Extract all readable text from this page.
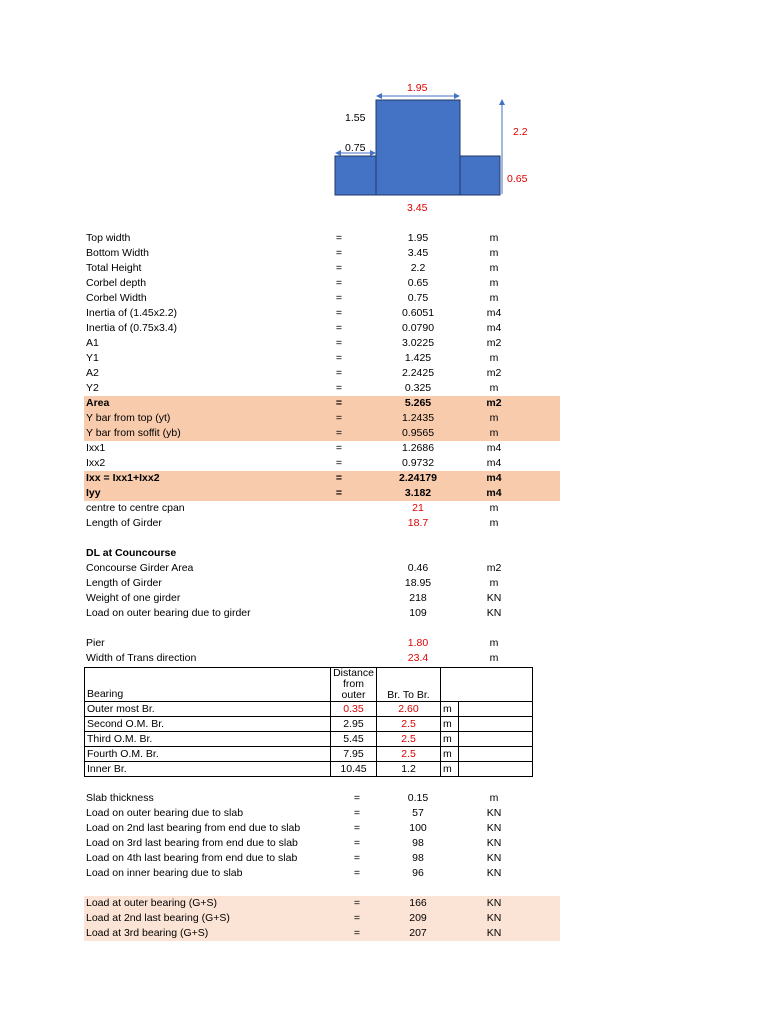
1.95
1.55
0.75
2.2
0.65
3.45
Top width	=	1.95	m
Bottom Width	=	3.45	m
Total Height	=	2.2	m
Corbel depth	=	0.65	m
Corbel Width	=	0.75	m
Inertia of (1.45x2.2)	=	0.6051	m4
Inertia of (0.75x3.4)	=	0.0790	m4
A1	=	3.0225	m2
Y1	=	1.425	m
A2	=	2.2425	m2
Y2	=	0.325	m
Area	=	5.265	m2
Y bar from top (yt)	=	1.2435	m
Y bar from soffit (yb)	=	0.9565	m
Ixx1	=	1.2686	m4
Ixx2	=	0.9732	m4
Ixx = Ixx1+Ixx2	=	2.24179	m4
Iyy	=	3.182	m4
centre to centre cpan	21	m
Length of Girder	18.7	m
DL at Councourse
Concourse Girder Area	0.46	m2
Length of Girder	18.95	m
Weight of one girder	218	KN
Load on outer bearing due to girder	109	KN
Pier	1.80	m
Width of Trans direction	23.4	m
Bearing	Distance from outer	Br. To Br.		
Outer most Br.	0.35	2.60	m	
Second O.M. Br.	2.95	2.5	m	
Third O.M. Br.	5.45	2.5	m	
Fourth O.M. Br.	7.95	2.5	m	
Inner Br.	10.45	1.2	m	
Slab thickness	=	0.15	m
Load on outer bearing due to slab	=	57	KN
Load on 2nd last bearing from end due to slab	=	100	KN
Load on 3rd last bearing from end due to slab	=	98	KN
Load on 4th last bearing from end due to slab	=	98	KN
Load on inner bearing due to slab	=	96	KN
Load at outer bearing (G+S)	=	166	KN
Load at 2nd last bearing (G+S)	=	209	KN
Load at 3rd bearing (G+S)	=	207	KN
